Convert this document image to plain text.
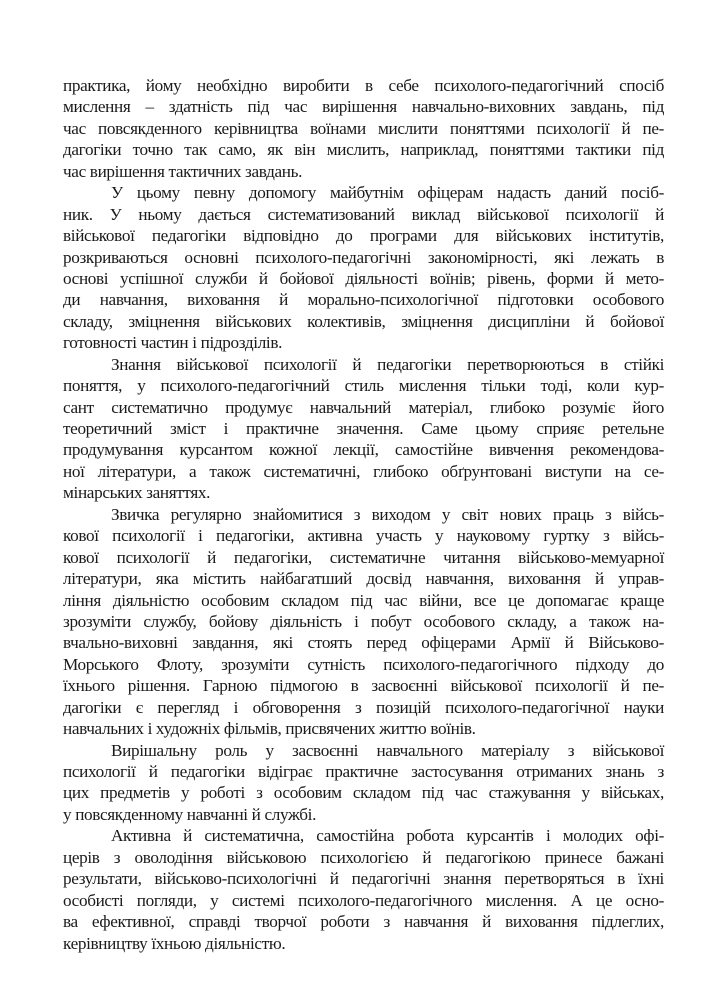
практика, йому необхідно виробити в себе психолого-педагогічний спосіб
мислення – здатність під час вирішення навчально-виховних завдань, під
час повсякденного керівництва воїнами мислити поняттями психології й пе-
дагогіки точно так само, як він мислить, наприклад, поняттями тактики під
час вирішення тактичних завдань.
У цьому певну допомогу майбутнім офіцерам надасть даний посіб-
ник. У ньому дається систематизований виклад військової психології й
військової педагогіки відповідно до програми для військових інститутів,
розкриваються основні психолого-педагогічні закономірності, які лежать в
основі успішної служби й бойової діяльності воїнів; рівень, форми й мето-
ди навчання, виховання й морально-психологічної підготовки особового
складу, зміцнення військових колективів, зміцнення дисципліни й бойової
готовності частин і підрозділів.
Знання військової психології й педагогіки перетворюються в стійкі
поняття, у психолого-педагогічний стиль мислення тільки тоді, коли кур-
сант систематично продумує навчальний матеріал, глибоко розуміє його
теоретичний зміст і практичне значення. Саме цьому сприяє ретельне
продумування курсантом кожної лекції, самостійне вивчення рекомендова-
ної літератури, а також систематичні, глибоко обґрунтовані виступи на се-
мінарських заняттях.
Звичка регулярно знайомитися з виходом у світ нових праць з війсь-
кової психології і педагогіки, активна участь у науковому гуртку з війсь-
кової психології й педагогіки, систематичне читання військово-мемуарної
літератури, яка містить найбагатший досвід навчання, виховання й управ-
ління діяльністю особовим складом під час війни, все це допомагає краще
зрозуміти службу, бойову діяльність і побут особового складу, а також на-
вчально-виховні завдання, які стоять перед офіцерами Армії й Військово-
Морського Флоту, зрозуміти сутність психолого-педагогічного підходу до
їхнього рішення. Гарною підмогою в засвоєнні військової психології й пе-
дагогіки є перегляд і обговорення з позицій психолого-педагогічної науки
навчальних і художніх фільмів, присвячених життю воїнів.
Вирішальну роль у засвоєнні навчального матеріалу з військової
психології й педагогіки відіграє практичне застосування отриманих знань з
цих предметів у роботі з особовим складом під час стажування у військах,
у повсякденному навчанні й службі.
Активна й систематична, самостійна робота курсантів і молодих офі-
церів з оволодіння військовою психологією й педагогікою принесе бажані
результати, військово-психологічні й педагогічні знання перетворяться в їхні
особисті погляди, у системі психолого-педагогічного мислення. А це осно-
ва ефективної, справді творчої роботи з навчання й виховання підлеглих,
керівництву їхньою діяльністю.
